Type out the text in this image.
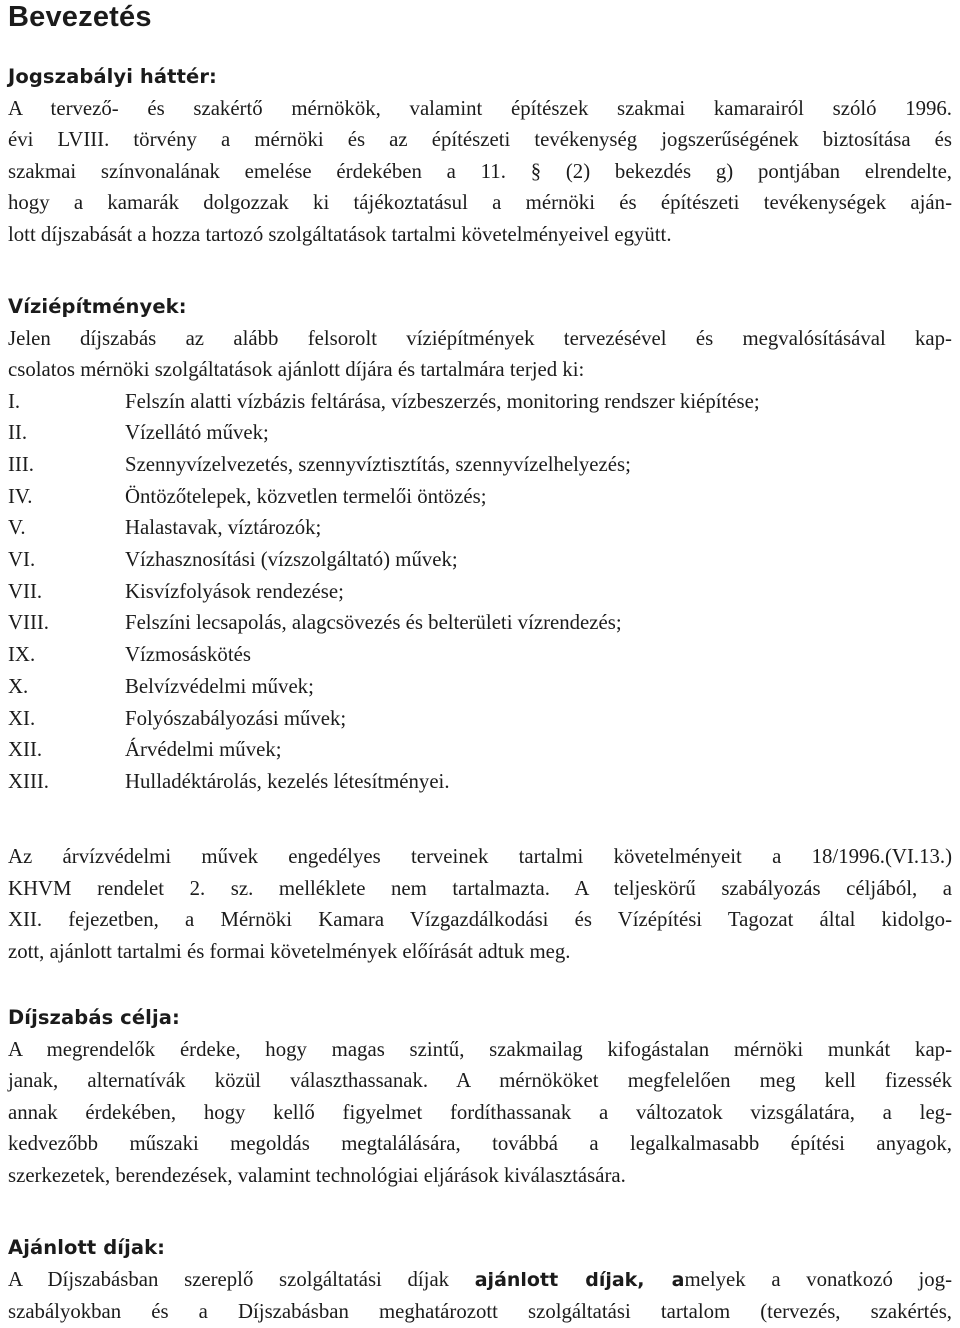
Bevezetés

Jogszabályi háttér:

A tervező- és szakértő mérnökök, valamint építészek szakmai kamarairól szóló 1996.

évi LVIII. törvény a mérnöki és az építészeti tevékenység jogszerűségének biztosítása és

szakmai színvonalának emelése érdekében a 11. § (2) bekezdés g) pontjában elrendelte,

hogy a kamarák dolgozzak ki tájékoztatásul a mérnöki és építészeti tevékenységek aján-

lott díjszabását a hozza tartozó szolgáltatások tartalmi követelményeivel együtt.

Víziépítmények:

Jelen díjszabás az alább felsorolt víziépítmények tervezésével és megvalósításával kap-

csolatos mérnöki szolgáltatások ajánlott díjára és tartalmára terjed ki:

I.	Felszín alatti vízbázis feltárása, vízbeszerzés, monitoring rendszer kiépítése;
II.	Vízellátó művek;
III.	Szennyvízelvezetés, szennyvíztisztítás, szennyvízelhelyezés;
IV.	Öntözőtelepek, közvetlen termelői öntözés;
V.	Halastavak, víztározók;
VI.	Vízhasznosítási (vízszolgáltató) művek;
VII.	Kisvízfolyások rendezése;
VIII.	Felszíni lecsapolás, alagcsövezés és belterületi vízrendezés;
IX.	Vízmosáskötés
X.	Belvízvédelmi művek;
XI.	Folyószabályozási művek;
XII.	Árvédelmi művek;
XIII.	Hulladéktárolás, kezelés létesítményei.

Az árvízvédelmi művek engedélyes terveinek tartalmi követelményeit a 18/1996.(VI.13.)

KHVM rendelet 2. sz. melléklete nem tartalmazta. A teljeskörű szabályozás céljából, a

XII. fejezetben, a Mérnöki Kamara Vízgazdálkodási és Vízépítési Tagozat által kidolgo-

zott, ajánlott tartalmi és formai követelmények előírását adtuk meg.

Díjszabás célja:

A megrendelők érdeke, hogy magas szintű, szakmailag kifogástalan mérnöki munkát kap-

janak, alternatívák közül választhassanak. A mérnököket megfelelően meg kell fizessék

annak érdekében, hogy kellő figyelmet fordíthassanak a változatok vizsgálatára, a leg-

kedvezőbb műszaki megoldás megtalálására, továbbá a legalkalmasabb építési anyagok,

szerkezetek, berendezések, valamint technológiai eljárások kiválasztására.

Ajánlott díjak:

A Díjszabásban szereplő szolgáltatási díjak ajánlott díjak, amelyek a vonatkozó jog-

szabályokban és a Díjszabásban meghatározott szolgáltatási tartalom (tervezés, szakértés,
